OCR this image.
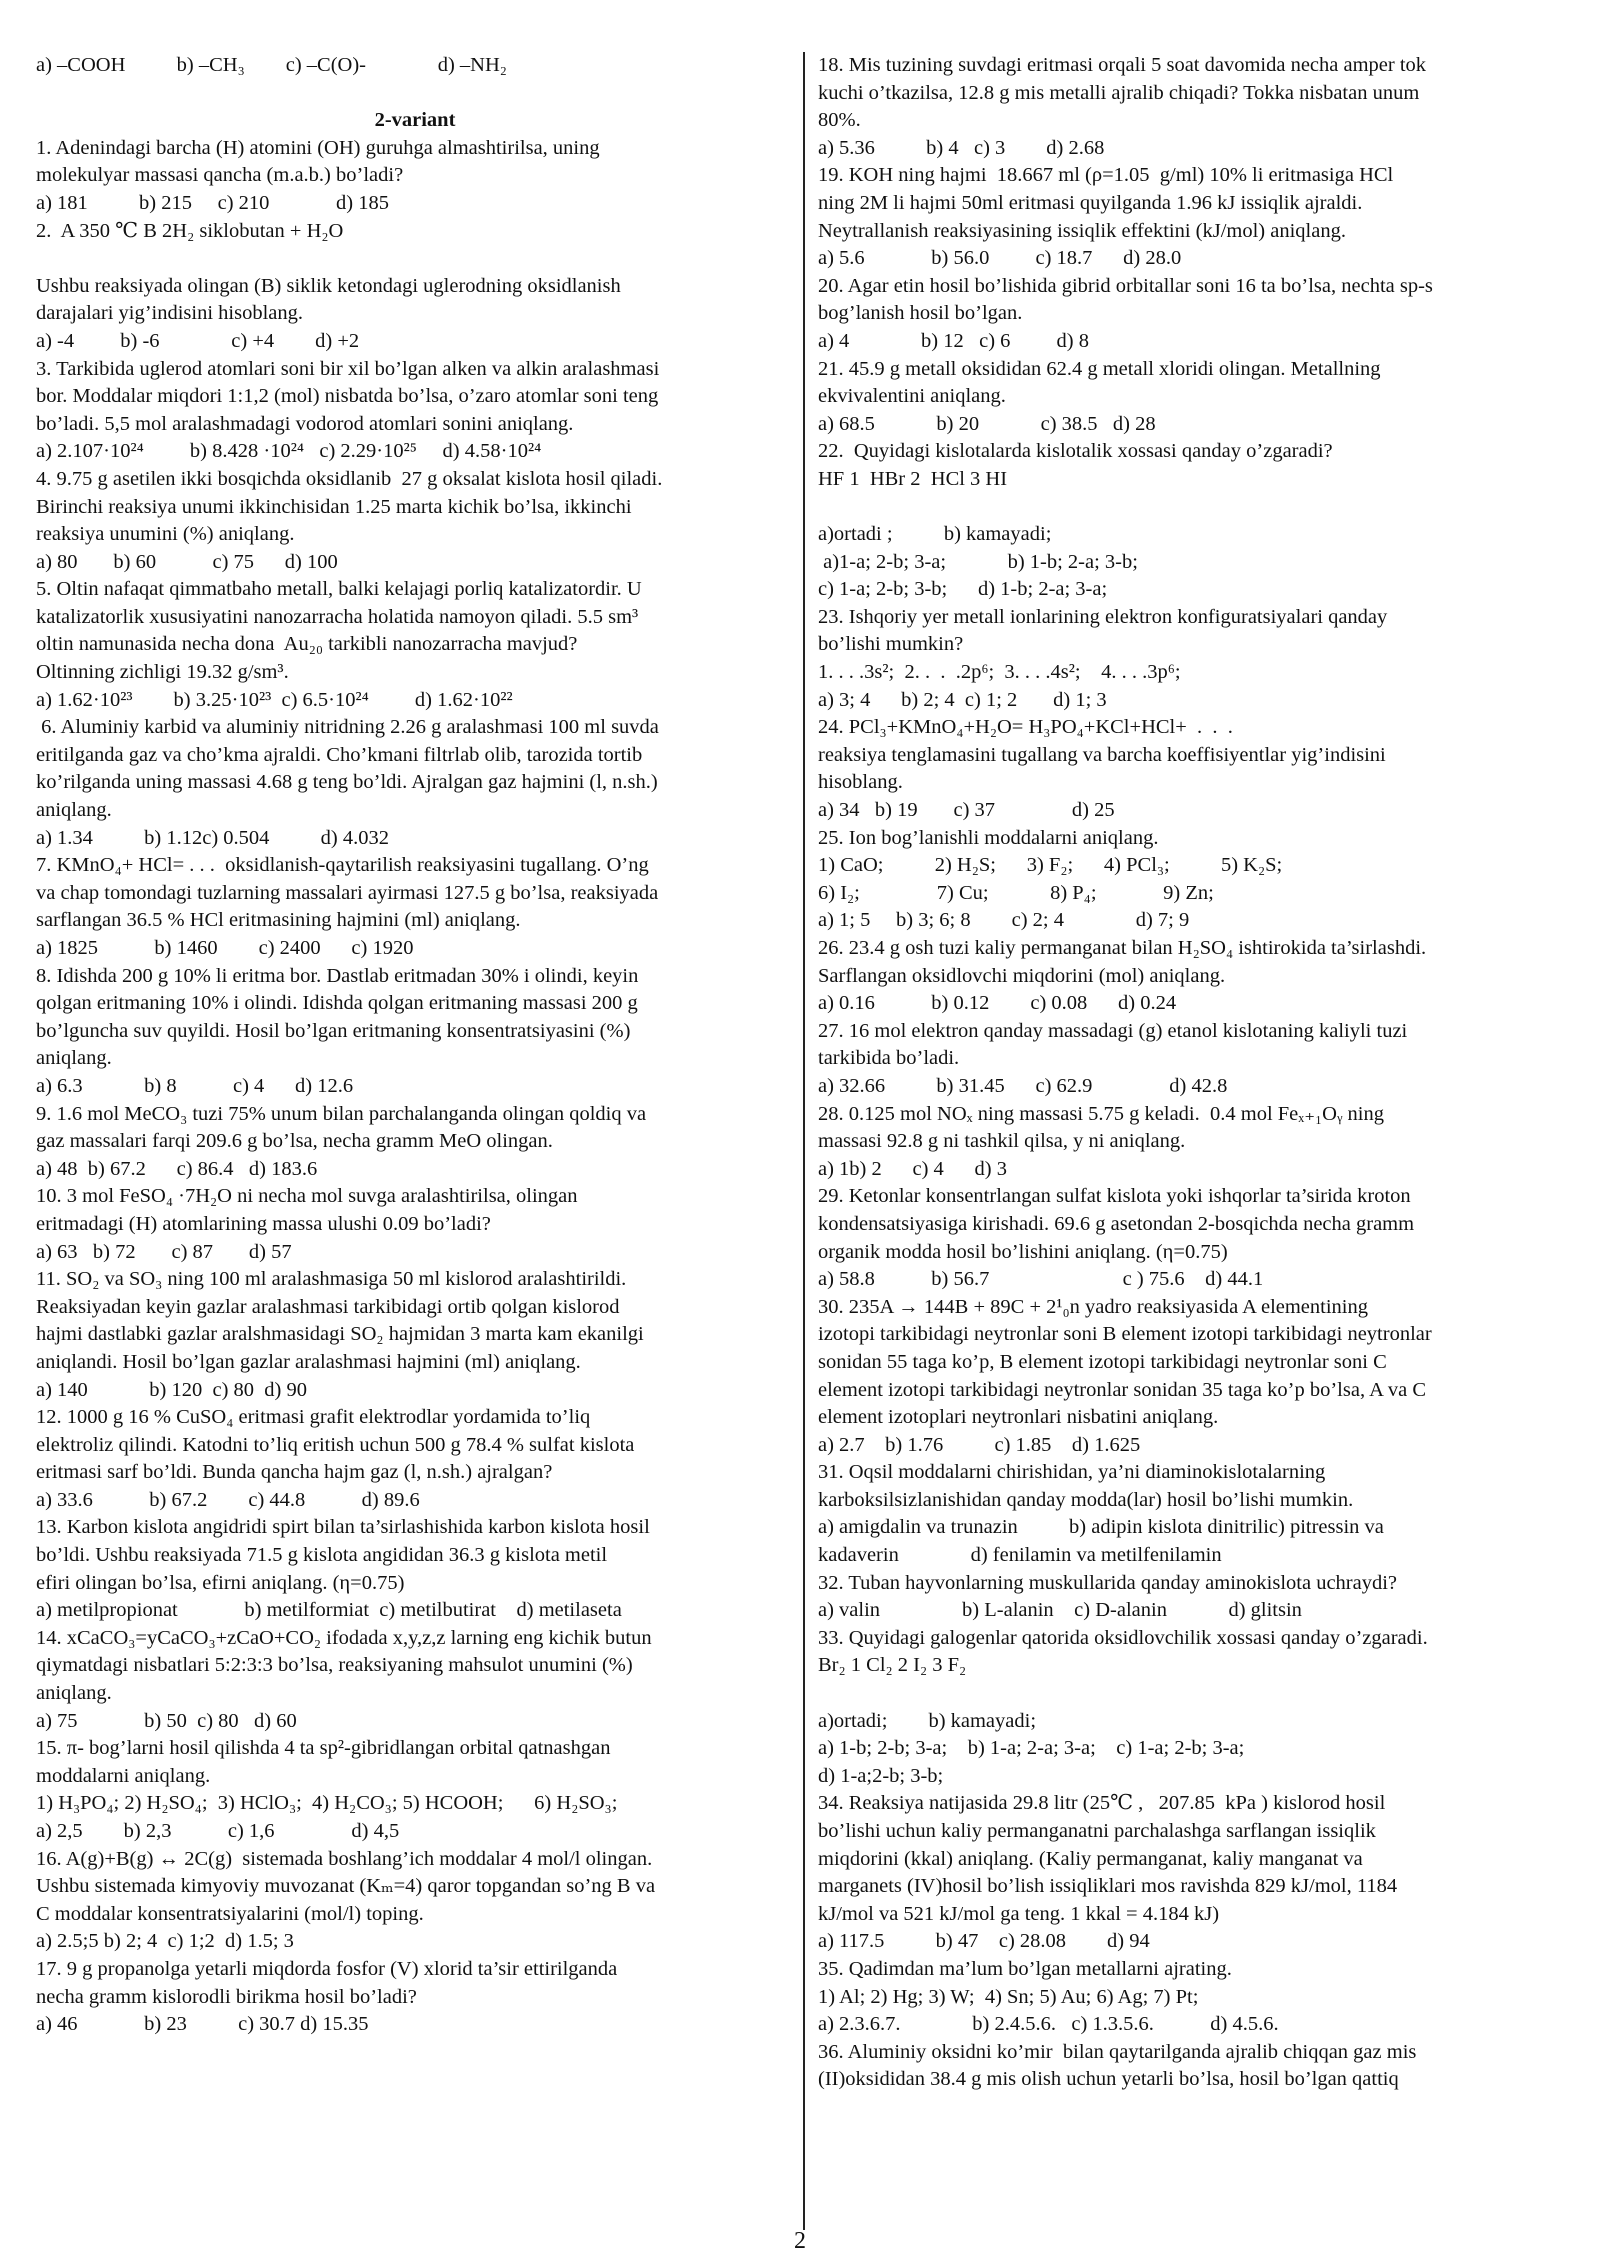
a) –COOH          b) –CH₃        c) –C(O)-              d) –NH₂

2-variant
1. Adenindagi barcha (H) atomini (OH) guruhga almashtirilsa, uning
molekulyar massasi qancha (m.a.b.) bo’ladi?
a) 181          b) 215     c) 210             d) 185
2.  A 350 ℃ B 2H₂ siklobutan + H₂O

Ushbu reaksiyada olingan (B) siklik ketondagi uglerodning oksidlanish
darajalari yig’indisini hisoblang.
a) -4         b) -6              c) +4        d) +2
3. Tarkibida uglerod atomlari soni bir xil bo’lgan alken va alkin aralashmasi
bor. Moddalar miqdori 1:1,2 (mol) nisbatda bo’lsa, o’zaro atomlar soni teng
bo’ladi. 5,5 mol aralashmadagi vodorod atomlari sonini aniqlang.
a) 2.107·10²⁴         b) 8.428 ·10²⁴   c) 2.29·10²⁵     d) 4.58·10²⁴
4. 9.75 g asetilen ikki bosqichda oksidlanib  27 g oksalat kislota hosil qiladi.
Birinchi reaksiya unumi ikkinchisidan 1.25 marta kichik bo’lsa, ikkinchi
reaksiya unumini (%) aniqlang.
a) 80       b) 60           c) 75      d) 100
5. Oltin nafaqat qimmatbaho metall, balki kelajagi porliq katalizatordir. U
katalizatorlik xususiyatini nanozarracha holatida namoyon qiladi. 5.5 sm³
oltin namunasida necha dona  Au₂₀ tarkibli nanozarracha mavjud?
Oltinning zichligi 19.32 g/sm³.
a) 1.62·10²³        b) 3.25·10²³  c) 6.5·10²⁴         d) 1.62·10²²
6. Aluminiy karbid va aluminiy nitridning 2.26 g aralashmasi 100 ml suvda
eritilganda gaz va cho’kma ajraldi. Cho’kmani filtrlab olib, tarozida tortib
ko’rilganda uning massasi 4.68 g teng bo’ldi. Ajralgan gaz hajmini (l, n.sh.)
aniqlang.
a) 1.34          b) 1.12c) 0.504          d) 4.032
7. KMnO₄+ HCl= . . .  oksidlanish-qaytarilish reaksiyasini tugallang. O’ng
va chap tomondagi tuzlarning massalari ayirmasi 127.5 g bo’lsa, reaksiyada
sarflangan 36.5 % HCl eritmasining hajmini (ml) aniqlang.
a) 1825           b) 1460        c) 2400      c) 1920
8. Idishda 200 g 10% li eritma bor. Dastlab eritmadan 30% i olindi, keyin
qolgan eritmaning 10% i olindi. Idishda qolgan eritmaning massasi 200 g
bo’lguncha suv quyildi. Hosil bo’lgan eritmaning konsentratsiyasini (%)
aniqlang.
a) 6.3            b) 8           c) 4      d) 12.6
9. 1.6 mol MeCO₃ tuzi 75% unum bilan parchalanganda olingan qoldiq va
gaz massalari farqi 209.6 g bo’lsa, necha gramm MeO olingan.
a) 48  b) 67.2      c) 86.4   d) 183.6
10. 3 mol FeSO₄ ·7H₂O ni necha mol suvga aralashtirilsa, olingan
eritmadagi (H) atomlarining massa ulushi 0.09 bo’ladi?
a) 63   b) 72       c) 87       d) 57
11. SO₂ va SO₃ ning 100 ml aralashmasiga 50 ml kislorod aralashtirildi.
Reaksiyadan keyin gazlar aralashmasi tarkibidagi ortib qolgan kislorod
hajmi dastlabki gazlar aralshmasidagi SO₂ hajmidan 3 marta kam ekanilgi
aniqlandi. Hosil bo’lgan gazlar aralashmasi hajmini (ml) aniqlang.
a) 140            b) 120  c) 80  d) 90
12. 1000 g 16 % CuSO₄ eritmasi grafit elektrodlar yordamida to’liq
elektroliz qilindi. Katodni to’liq eritish uchun 500 g 78.4 % sulfat kislota
eritmasi sarf bo’ldi. Bunda qancha hajm gaz (l, n.sh.) ajralgan?
a) 33.6           b) 67.2        c) 44.8           d) 89.6
13. Karbon kislota angidridi spirt bilan ta’sirlashishida karbon kislota hosil
bo’ldi. Ushbu reaksiyada 71.5 g kislota angididan 36.3 g kislota metil
efiri olingan bo’lsa, efirni aniqlang. (η=0.75)
a) metilpropionat             b) metilformiat  c) metilbutirat    d) metilaseta
14. xCaCO₃=yCaCO₃+zCaO+CO₂ ifodada x,y,z,z larning eng kichik butun
qiymatdagi nisbatlari 5:2:3:3 bo’lsa, reaksiyaning mahsulot unumini (%)
aniqlang.
a) 75             b) 50  c) 80   d) 60
15. π- bog’larni hosil qilishda 4 ta sp²-gibridlangan orbital qatnashgan
moddalarni aniqlang.
1) H₃PO₄; 2) H₂SO₄;  3) HClO₃;  4) H₂CO₃; 5) HCOOH;      6) H₂SO₃;
a) 2,5        b) 2,3           c) 1,6               d) 4,5
16. A(g)+B(g) ↔ 2C(g)  sistemada boshlang’ich moddalar 4 mol/l olingan.
Ushbu sistemada kimyoviy muvozanat (Kₘ=4) qaror topgandan so’ng B va
C moddalar konsentratsiyalarini (mol/l) toping.
a) 2.5;5 b) 2; 4  c) 1;2  d) 1.5; 3
17. 9 g propanolga yetarli miqdorda fosfor (V) xlorid ta’sir ettirilganda
necha gramm kislorodli birikma hosil bo’ladi?
a) 46             b) 23          c) 30.7 d) 15.35
18. Mis tuzining suvdagi eritmasi orqali 5 soat davomida necha amper tok
kuchi o’tkazilsa, 12.8 g mis metalli ajralib chiqadi? Tokka nisbatan unum
80%.
a) 5.36          b) 4   c) 3        d) 2.68
19. KOH ning hajmi  18.667 ml (ρ=1.05  g/ml) 10% li eritmasiga HCl
ning 2M li hajmi 50ml eritmasi quyilganda 1.96 kJ issiqlik ajraldi.
Neytrallanish reaksiyasining issiqlik effektini (kJ/mol) aniqlang.
a) 5.6             b) 56.0         c) 18.7      d) 28.0
20. Agar etin hosil bo’lishida gibrid orbitallar soni 16 ta bo’lsa, nechta sp-s
bog’lanish hosil bo’lgan.
a) 4              b) 12   c) 6         d) 8
21. 45.9 g metall oksididan 62.4 g metall xloridi olingan. Metallning
ekvivalentini aniqlang.
a) 68.5            b) 20            c) 38.5   d) 28
22.  Quyidagi kislotalarda kislotalik xossasi qanday o’zgaradi?
HF 1  HBr 2  HCl 3 HI

a)ortadi ;          b) kamayadi;
a)1-a; 2-b; 3-a;            b) 1-b; 2-a; 3-b;
c) 1-a; 2-b; 3-b;      d) 1-b; 2-a; 3-a;
23. Ishqoriy yer metall ionlarining elektron konfiguratsiyalari qanday
bo’lishi mumkin?
1. . . .3s²;  2. .  .  .2p⁶;  3. . . .4s²;    4. . . .3p⁶;
a) 3; 4      b) 2; 4  c) 1; 2       d) 1; 3
24. PCl₃+KMnO₄+H₂O= H₃PO₄+KCl+HCl+  .  .  .
reaksiya tenglamasini tugallang va barcha koeffisiyentlar yig’indisini
hisoblang.
a) 34   b) 19       c) 37               d) 25
25. Ion bog’lanishli moddalarni aniqlang.
1) CaO;          2) H₂S;      3) F₂;      4) PCl₃;          5) K₂S;
6) I₂;               7) Cu;            8) P₄;             9) Zn;
a) 1; 5     b) 3; 6; 8        c) 2; 4              d) 7; 9
26. 23.4 g osh tuzi kaliy permanganat bilan H₂SO₄ ishtirokida ta’sirlashdi.
Sarflangan oksidlovchi miqdorini (mol) aniqlang.
a) 0.16           b) 0.12        c) 0.08      d) 0.24
27. 16 mol elektron qanday massadagi (g) etanol kislotaning kaliyli tuzi
tarkibida bo’ladi.
a) 32.66          b) 31.45      c) 62.9               d) 42.8
28. 0.125 mol NOₓ ning massasi 5.75 g keladi.  0.4 mol Feₓ₊₁Oᵧ ning
massasi 92.8 g ni tashkil qilsa, y ni aniqlang.
a) 1b) 2      c) 4      d) 3
29. Ketonlar konsentrlangan sulfat kislota yoki ishqorlar ta’sirida kroton
kondensatsiyasiga kirishadi. 69.6 g asetondan 2-bosqichda necha gramm
organik modda hosil bo’lishini aniqlang. (η=0.75)
a) 58.8           b) 56.7                          c ) 75.6    d) 44.1
30. 235A → 144B + 89C + 2¹₀n yadro reaksiyasida A elementining
izotopi tarkibidagi neytronlar soni B element izotopi tarkibidagi neytronlar
sonidan 55 taga ko’p, B element izotopi tarkibidagi neytronlar soni C
element izotopi tarkibidagi neytronlar sonidan 35 taga ko’p bo’lsa, A va C
element izotoplari neytronlari nisbatini aniqlang.
a) 2.7    b) 1.76          c) 1.85    d) 1.625
31. Oqsil moddalarni chirishidan, ya’ni diaminokislotalarning
karboksilsizlanishidan qanday modda(lar) hosil bo’lishi mumkin.
a) amigdalin va trunazin          b) adipin kislota dinitrilic) pitressin va
kadaverin              d) fenilamin va metilfenilamin
32. Tuban hayvonlarning muskullarida qanday aminokislota uchraydi?
a) valin                b) L-alanin    c) D-alanin            d) glitsin
33. Quyidagi galogenlar qatorida oksidlovchilik xossasi qanday o’zgaradi.
Br₂ 1 Cl₂ 2 I₂ 3 F₂

a)ortadi;        b) kamayadi;
a) 1-b; 2-b; 3-a;    b) 1-a; 2-a; 3-a;    c) 1-a; 2-b; 3-a;
d) 1-a;2-b; 3-b;
34. Reaksiya natijasida 29.8 litr (25℃ ,   207.85  kPa ) kislorod hosil
bo’lishi uchun kaliy permanganatni parchalashga sarflangan issiqlik
miqdorini (kkal) aniqlang. (Kaliy permanganat, kaliy manganat va
marganets (IV)hosil bo’lish issiqliklari mos ravishda 829 kJ/mol, 1184
kJ/mol va 521 kJ/mol ga teng. 1 kkal = 4.184 kJ)
a) 117.5          b) 47    c) 28.08        d) 94
35. Qadimdan ma’lum bo’lgan metallarni ajrating.
1) Al; 2) Hg; 3) W;  4) Sn; 5) Au; 6) Ag; 7) Pt;
a) 2.3.6.7.              b) 2.4.5.6.   c) 1.3.5.6.           d) 4.5.6.
36. Aluminiy oksidni ko’mir  bilan qaytarilganda ajralib chiqqan gaz mis
(II)oksididan 38.4 g mis olish uchun yetarli bo’lsa, hosil bo’lgan qattiq
2
